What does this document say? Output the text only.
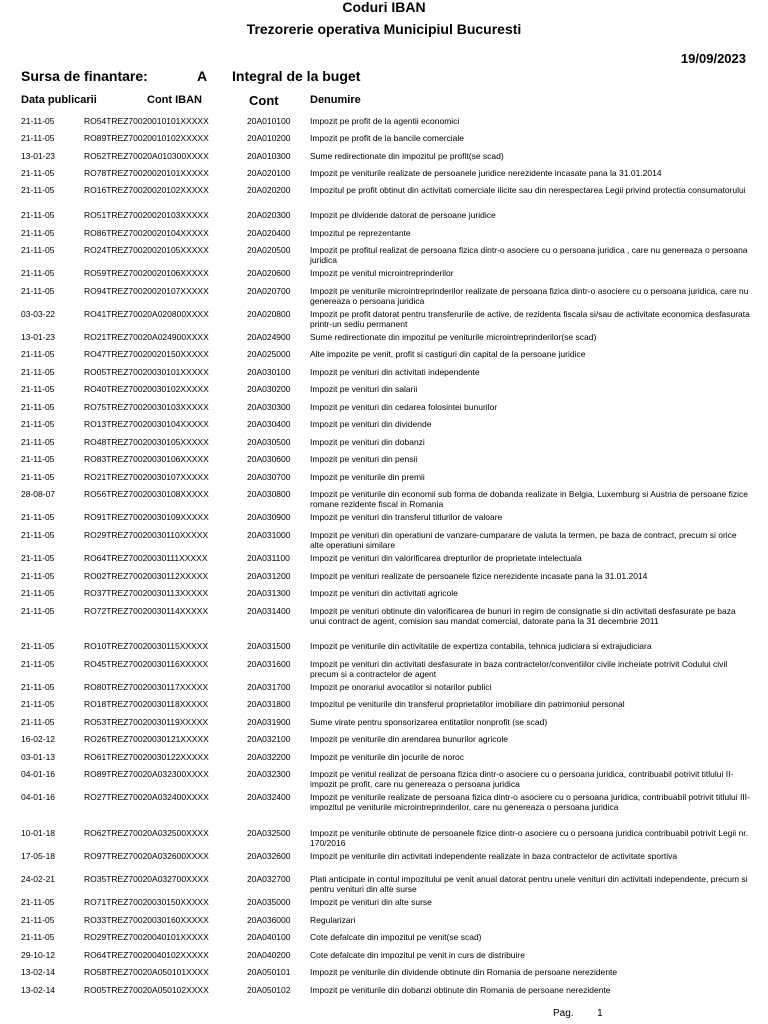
Coduri IBAN
Trezorerie operativa Municipiul Bucuresti
19/09/2023
Sursa de finantare:	A Integral de la buget
Data publicarii	Cont IBAN	Cont	Denumire
21-11-05	RO54TREZ70020010101XXXXX	20A010100 Impozit pe profit de la agentii economici
21-11-05	RO89TREZ70020010102XXXXX	20A010200 Impozit pe profit de la bancile comerciale
13-01-23	RO52TREZ70020A010300XXXX	20A010300 Sume redirectionate din impozitul pe profit(se scad)
21-11-05	RO78TREZ70020020101XXXXX	20A020100 Impozit pe veniturile realizate de persoanele juridice nerezidente incasate pana la 31.01.2014
21-11-05	RO16TREZ70020020102XXXXX	20A020200 Impozitul pe profit obtinut din activitati comerciale ilicite sau din nerespectarea Legii privind protectia consumatorului
21-11-05	RO51TREZ70020020103XXXXX	20A020300 Impozit pe dividende datorat de persoane juridice
21-11-05	RO86TREZ70020020104XXXXX	20A020400 Impozitul pe reprezentante
21-11-05	RO24TREZ70020020105XXXXX	20A020500 Impozit pe profitul realizat de persoana fizica dintr-o asociere cu o persoana juridica , care nu genereaza o persoana juridica
21-11-05	RO59TREZ70020020106XXXXX	20A020600 Impozit pe venitul microintreprinderilor
21-11-05	RO94TREZ70020020107XXXXX	20A020700 Impozit pe veniturile microintreprinderilor realizate de persoana fizica dintr-o asociere cu o persoana juridica, care nu genereaza o persoana juridica
03-03-22	RO41TREZ70020A020800XXXX	20A020800 Impozit pe profit datorat pentru transferurile de active, de rezidenta fiscala si/sau de activitate economica desfasurata printr-un sediu permanent
13-01-23	RO21TREZ70020A024900XXXX	20A024900 Sume redirectionate din impozitul pe veniturile microintreprinderilor(se scad)
21-11-05	RO47TREZ70020020150XXXXX	20A025000 Alte impozite pe venit, profit si castiguri din capital de la persoane juridice
21-11-05	RO05TREZ70020030101XXXXX	20A030100 Impozit pe venituri din activitati independente
21-11-05	RO40TREZ70020030102XXXXX	20A030200 Impozit pe venituri din salarii
21-11-05	RO75TREZ70020030103XXXXX	20A030300 Impozit pe venituri din cedarea folosintei bunurilor
21-11-05	RO13TREZ70020030104XXXXX	20A030400 Impozit pe venituri din dividende
21-11-05	RO48TREZ70020030105XXXXX	20A030500 Impozit pe venituri din dobanzi
21-11-05	RO83TREZ70020030106XXXXX	20A030600 Impozit pe venituri din pensii
21-11-05	RO21TREZ70020030107XXXXX	20A030700 Impozit pe veniturile din premii
28-08-07	RO56TREZ70020030108XXXXX	20A030800 Impozit pe veniturile din economii sub forma de dobanda realizate in Belgia, Luxemburg si Austria de persoane fizice romane rezidente fiscal in Romania
21-11-05	RO91TREZ70020030109XXXXX	20A030900 Impozit pe venituri din transferul titlurilor de valoare
21-11-05	RO29TREZ70020030110XXXXX	20A031000 Impozit pe venituri din operatiuni de vanzare-cumparare de valuta la termen, pe baza de contract, precum si orice alte operatiuni similare
21-11-05	RO64TREZ70020030111XXXXX	20A031100 Impozit pe venituri din valorificarea drepturilor de proprietate intelectuala
21-11-05	RO02TREZ70020030112XXXXX	20A031200 Impozit pe venituri realizate de persoanele fizice nerezidente incasate pana la 31.01.2014
21-11-05	RO37TREZ70020030113XXXXX	20A031300 Impozit pe venituri din activitati agricole
21-11-05	RO72TREZ70020030114XXXXX	20A031400 Impozit pe venituri obtinute din valorificarea de bunuri in regim de consignatie si din activitati desfasurate pe baza unui contract de agent, comision sau mandat comercial, datorate pana la 31 decembrie 2011
21-11-05	RO10TREZ70020030115XXXXX	20A031500 Impozit pe veniturile din activitatile de expertiza contabila, tehnica judiciara si extrajudiciara
21-11-05	RO45TREZ70020030116XXXXX	20A031600 Impozit pe venituri din activitati desfasurate in baza contractelor/conventiilor civile incheiate potrivit Codului civil precum si a contractelor de agent
21-11-05	RO80TREZ70020030117XXXXX	20A031700 Impozit pe onorariul avocatilor si notarilor publici
21-11-05	RO18TREZ70020030118XXXXX	20A031800 Impozitul pe veniturile din transferul proprietatilor imobiliare din patrimoniul personal
21-11-05	RO53TREZ70020030119XXXXX	20A031900 Sume virate pentru sponsorizarea entitatilor nonprofit (se scad)
16-02-12	RO26TREZ70020030121XXXXX	20A032100 Impozit pe veniturile din arendarea bunurilor agricole
03-01-13	RO61TREZ70020030122XXXXX	20A032200 Impozit pe veniturile din jocurile de noroc
04-01-16	RO89TREZ70020A032300XXXX	20A032300 Impozit pe venitul realizat de persoana fizica dintr-o asociere cu o persoana juridica, contribuabil potrivit titlului II-impozit pe profit, care nu genereaza o persoana juridica
04-01-16	RO27TREZ70020A032400XXXX	20A032400 Impozit pe veniturile realizate de persoana fizica dintr-o asociere cu o persoana juridica, contribuabil potrivit titlului III-impozitul pe veniturile microintreprinderilor, care nu genereaza o persoana juridica
10-01-18	RO62TREZ70020A032500XXXX	20A032500 Impozit pe veniturile obtinute de persoanele fizice dintr-o asociere cu o persoana juridica contribuabil potrivit Legii nr. 170/2016
17-05-18	RO97TREZ70020A032600XXXX	20A032600 Impozit pe veniturile din activitati independente realizate in baza contractelor de activitate sportiva
24-02-21	RO35TREZ70020A032700XXXX	20A032700 Plati anticipate in contul impozitului pe venit anual datorat pentru unele venituri din activitati independente, precum si pentru venituri din alte surse
21-11-05	RO71TREZ70020030150XXXXX	20A035000 Impozit pe venituri din alte surse
21-11-05	RO33TREZ70020030160XXXXX	20A036000 Regularizari
21-11-05	RO29TREZ70020040101XXXXX	20A040100 Cote defalcate din impozitul pe venit(se scad)
29-10-12	RO64TREZ70020040102XXXXX	20A040200 Cote defalcate din impozitul pe venit in curs de distribuire
13-02-14	RO58TREZ70020A050101XXXX	20A050101 Impozit pe veniturile din dividende obtinute din Romania de persoane nerezidente
13-02-14	RO05TREZ70020A050102XXXX	20A050102 Impozit pe veniturile din dobanzi obtinute din Romania de persoane nerezidente
Pag. 1
